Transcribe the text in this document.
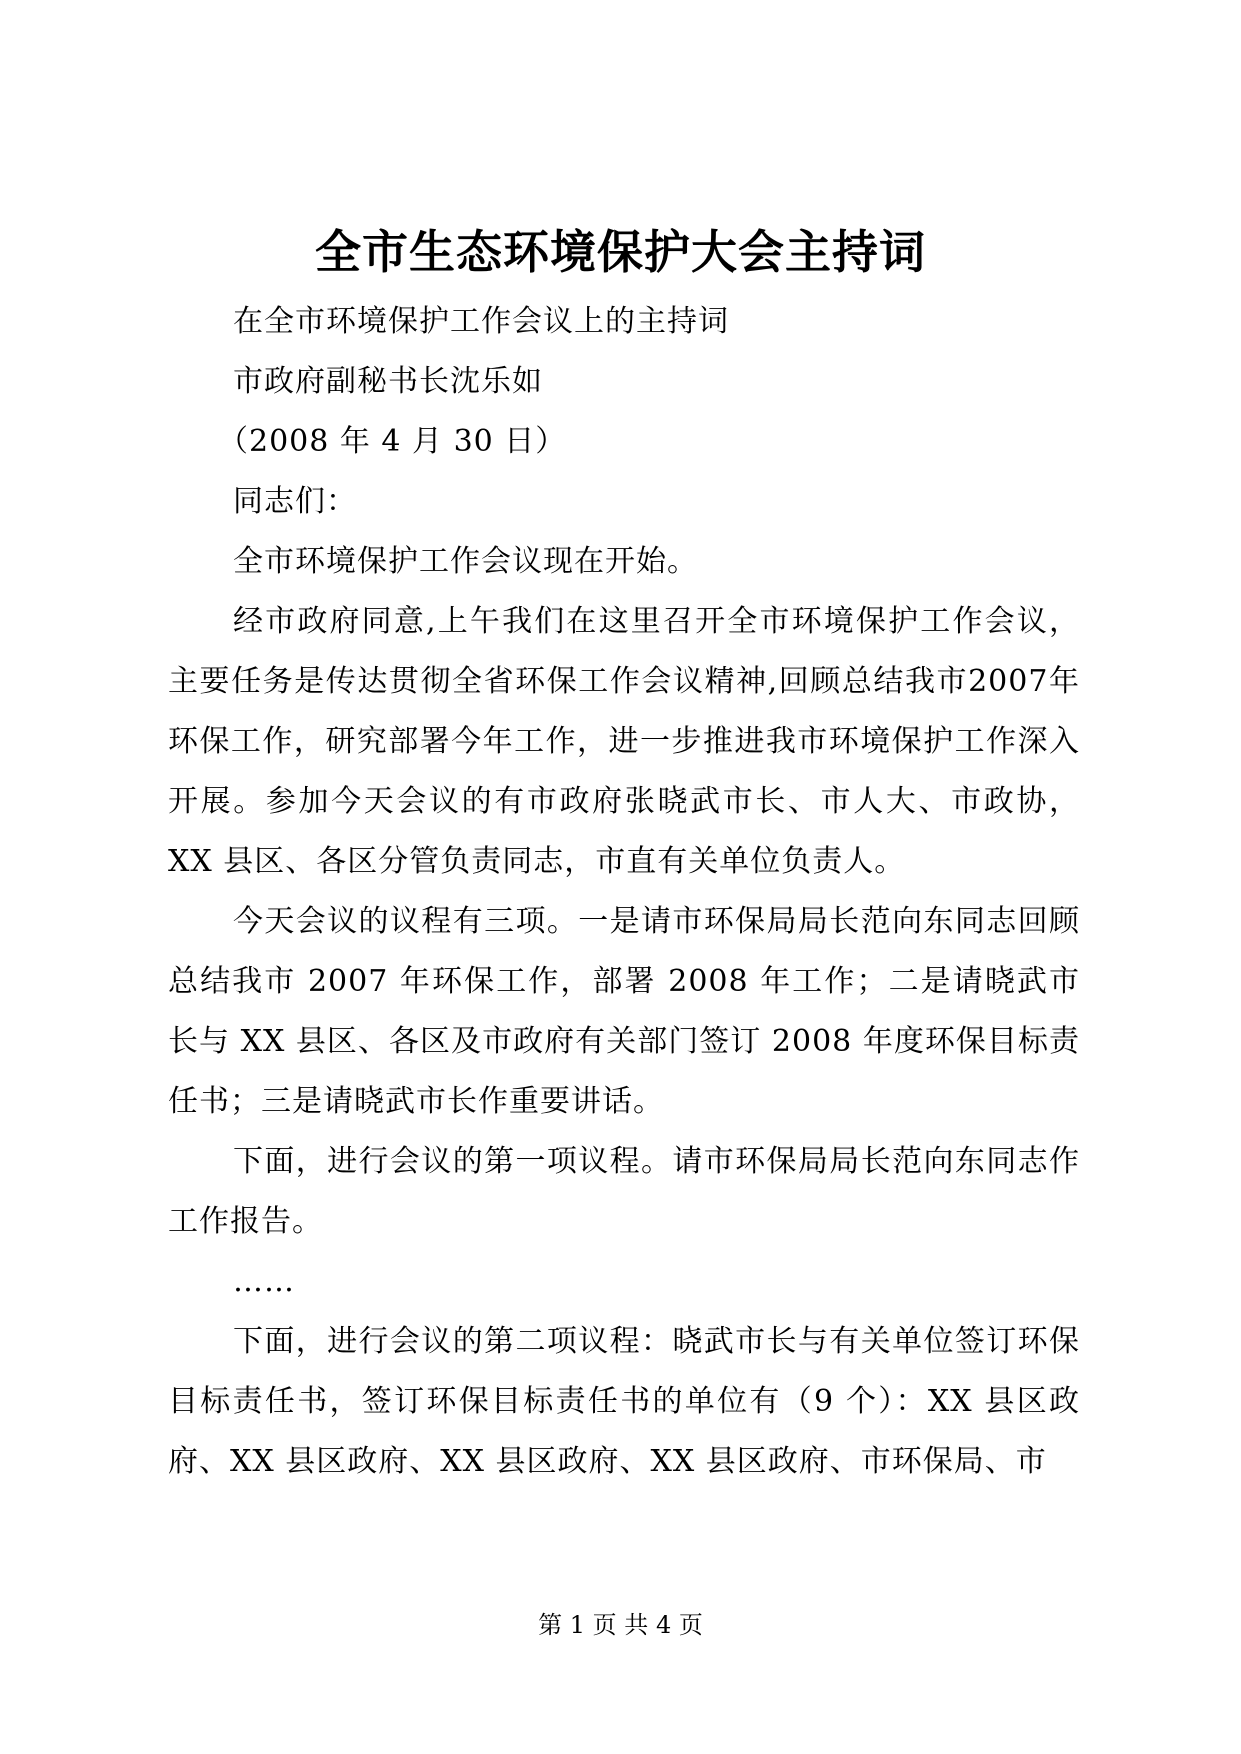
全市生态环境保护大会主持词

在全市环境保护工作会议上的主持词

市政府副秘书长沈乐如

（2008 年 4 月 30 日）

同志们：

全市环境保护工作会议现在开始。

经市政府同意,上午我们在这里召开全市环境保护工作会议，主要任务是传达贯彻全省环保工作会议精神,回顾总结我市2007年环保工作，研究部署今年工作，进一步推进我市环境保护工作深入开展。参加今天会议的有市政府张晓武市长、市人大、市政协，XX 县区、各区分管负责同志，市直有关单位负责人。

今天会议的议程有三项。一是请市环保局局长范向东同志回顾总结我市 2007 年环保工作，部署 2008 年工作；二是请晓武市长与 XX 县区、各区及市政府有关部门签订 2008 年度环保目标责任书；三是请晓武市长作重要讲话。

下面，进行会议的第一项议程。请市环保局局长范向东同志作工作报告。

……

下面，进行会议的第二项议程：晓武市长与有关单位签订环保目标责任书，签订环保目标责任书的单位有（9 个）：XX 县区政府、XX 县区政府、XX 县区政府、XX 县区政府、市环保局、市

第 1 页 共 4 页
